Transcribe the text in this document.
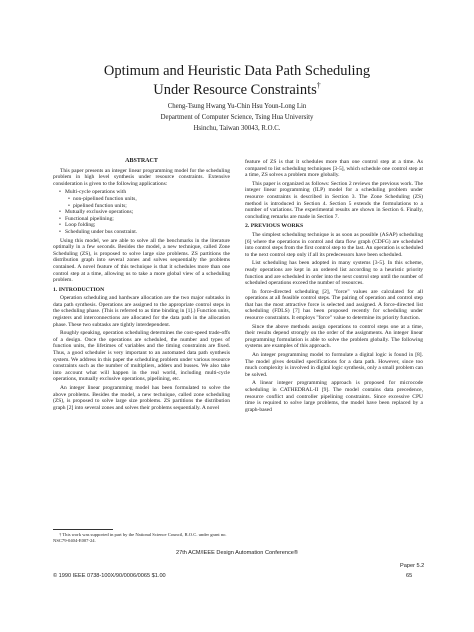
Optimum and Heuristic Data Path Scheduling
Under Resource Constraints†
Cheng-Tsung Hwang Yu-Chin Hsu Youn-Long Lin
Department of Computer Science, Tsing Hua University
Hsinchu, Taiwan 30043, R.O.C.
ABSTRACT

This paper presents an integer linear programming model for the scheduling problem in high level synthesis under resource constraints. Extensive consideration is given to the following applications:

• Multi-cycle operations with
• non-pipelined function units,
• pipelined function units;
• Mutually exclusive operations;
• Functional pipelining;
• Loop folding;
• Scheduling under bus constraint.

Using this model, we are able to solve all the benchmarks in the literature optimally in a few seconds. Besides the model, a new technique, called Zone Scheduling (ZS), is proposed to solve large size problems. ZS partitions the distribution graph into several zones and solves sequentially the problems contained. A novel feature of this technique is that it schedules more than one control step at a time, allowing us to take a more global view of a scheduling problem.

1. INTRODUCTION

Operation scheduling and hardware allocation are the two major subtasks in data path synthesis. Operations are assigned to the appropriate control steps in the scheduling phase. (This is referred to as time binding in [1].) Function units, registers and interconnections are allocated for the data path in the allocation phase. These two subtasks are tightly interdependent.

Roughly speaking, operation scheduling determines the cost-speed trade-offs of a design. Once the operations are scheduled, the number and types of function units, the lifetimes of variables and the timing constraints are fixed. Thus, a good scheduler is very important to an automated data path synthesis system. We address in this paper the scheduling problem under various resource constraints such as the number of multipliers, adders and busses. We also take into account what will happen in the real world, including multi-cycle operations, mutually exclusive operations, pipelining, etc.

An integer linear programming model has been formulated to solve the above problems. Besides the model, a new technique, called zone scheduling (ZS), is proposed to solve large size problems. ZS partitions the distribution graph [2] into several zones and solves their problems sequentially. A novel

† This work was supported in part by the National Science Council, R.O.C. under grant no. NSC79-0404-E007-24.

feature of ZS is that it schedules more than one control step at a time. As compared to list scheduling techniques [3-5], which schedule one control step at a time, ZS solves a problem more globally.

This paper is organized as follows: Section 2 reviews the previous work. The integer linear programming (ILP) model for a scheduling problem under resource constraints is described in Section 3. The Zone Scheduling (ZS) method is introduced in Section 4. Section 5 extends the formulations to a number of variations. The experimental results are shown in Section 6. Finally, concluding remarks are made in Section 7.

2. PREVIOUS WORKS

The simplest scheduling technique is as soon as possible (ASAP) scheduling [6] where the operations in control and data flow graph (CDFG) are scheduled into control steps from the first control step to the last. An operation is scheduled to the next control step only if all its predecessors have been scheduled.

List scheduling has been adopted in many systems [3-5]. In this scheme, ready operations are kept in an ordered list according to a heuristic priority function and are scheduled in order into the next control step until the number of scheduled operations exceed the number of resources.

In force-directed scheduling [2], "force" values are calculated for all operations at all feasible control steps. The pairing of operation and control step that has the most attractive force is selected and assigned. A force-directed list scheduling (FDLS) [7] has been proposed recently for scheduling under resource constraints. It employs "force" value to determine its priority function.

Since the above methods assign operations to control steps one at a time, their results depend strongly on the order of the assignments. An integer linear programming formulation is able to solve the problem globally. The following systems are examples of this approach.

An integer programming model to formulate a digital logic is found in [8]. The model gives detailed specifications for a data path. However, since too much complexity is involved in digital logic synthesis, only a small problem can be solved.

A linear integer programming approach is proposed for microcode scheduling in CATHEDRAL-II [9]. The model contains data precedence, resource conflict and controller pipelining constraints. Since excessive CPU time is required to solve large problems, the model have been replaced by a graph-based

27th ACM/IEEE Design Automation Conference®
Paper 5.2
© 1990 IEEE 0738-100X/90/0006/0065 $1.00	65
